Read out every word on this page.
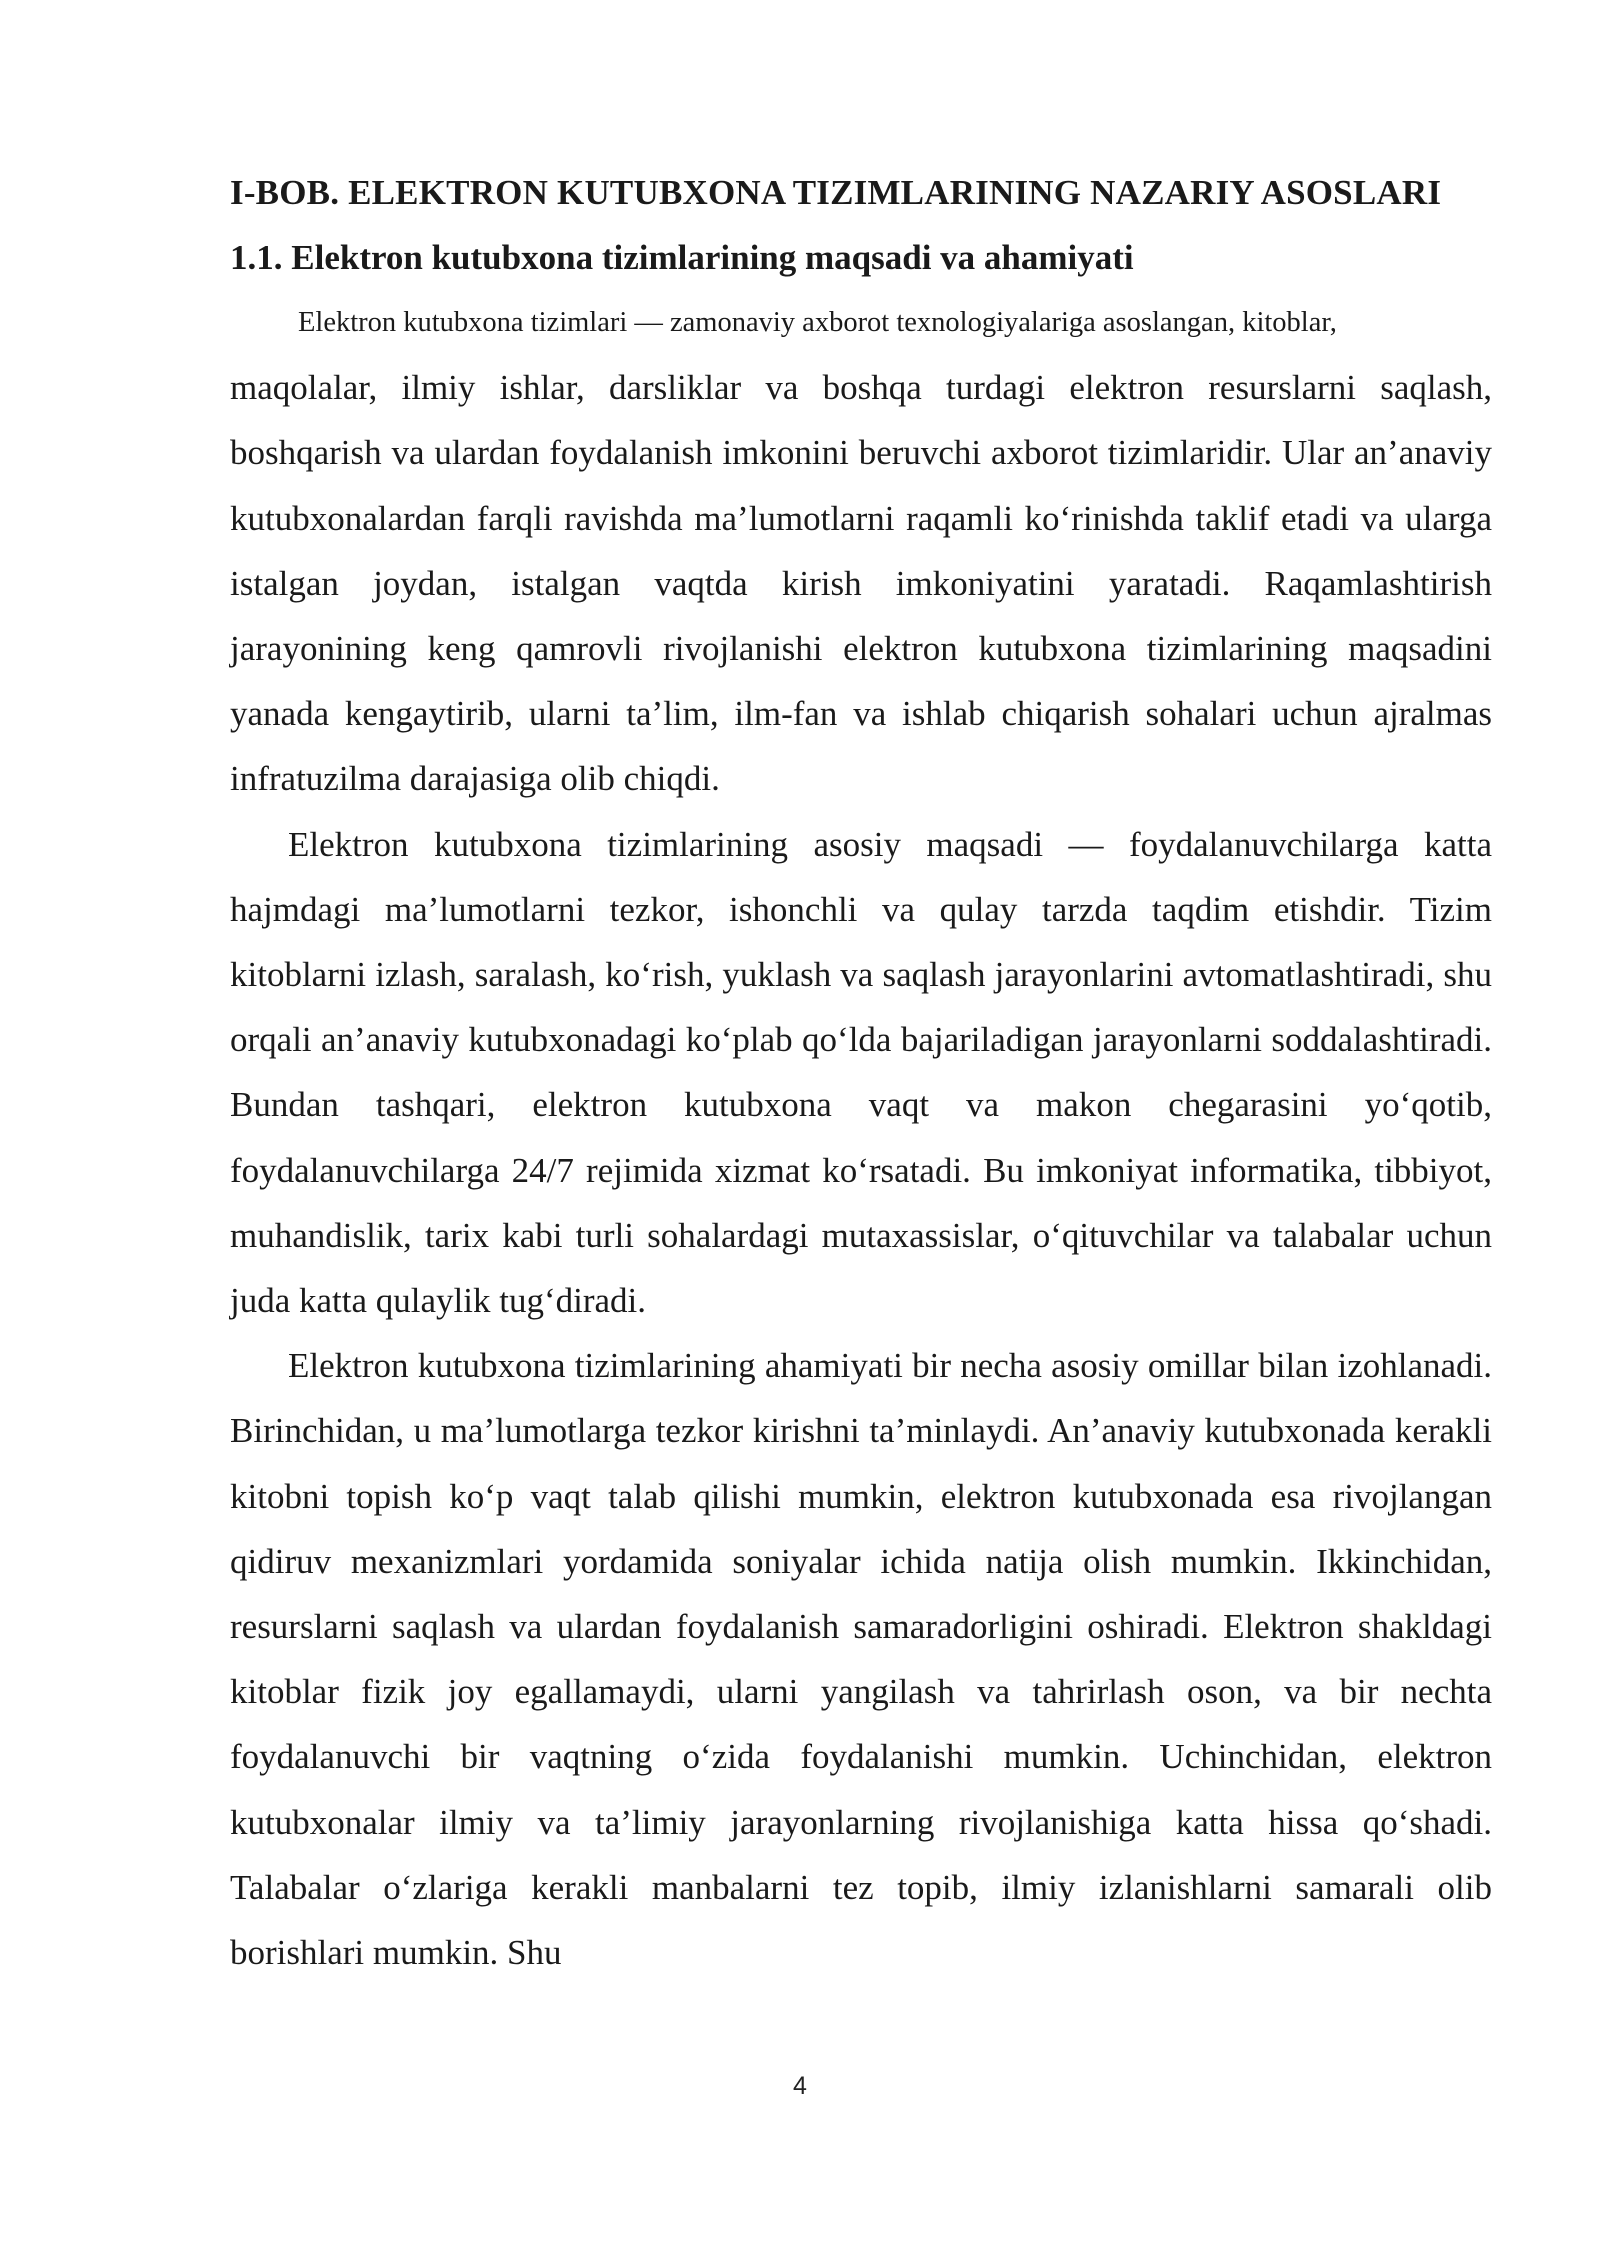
I-BOB. ELEKTRON KUTUBXONA TIZIMLARINING NAZARIY ASOSLARI
1.1. Elektron kutubxona tizimlarining maqsadi va ahamiyati
Elektron kutubxona tizimlari — zamonaviy axborot texnologiyalariga asoslangan, kitoblar,
maqolalar, ilmiy ishlar, darsliklar va boshqa turdagi elektron resurslarni saqlash, boshqarish va ulardan foydalanish imkonini beruvchi axborot tizimlaridir. Ular an’anaviy kutubxonalardan farqli ravishda ma’lumotlarni raqamli ko‘rinishda taklif etadi va ularga istalgan joydan, istalgan vaqtda kirish imkoniyatini yaratadi. Raqamlashtirish jarayonining keng qamrovli rivojlanishi elektron kutubxona tizimlarining maqsadini yanada kengaytirib, ularni ta’lim, ilm-fan va ishlab chiqarish sohalari uchun ajralmas infratuzilma darajasiga olib chiqdi.

Elektron kutubxona tizimlarining asosiy maqsadi — foydalanuvchilarga katta hajmdagi ma’lumotlarni tezkor, ishonchli va qulay tarzda taqdim etishdir. Tizim kitoblarni izlash, saralash, ko‘rish, yuklash va saqlash jarayonlarini avtomatlashtiradi, shu orqali an’anaviy kutubxonadagi ko‘plab qo‘lda bajariladigan jarayonlarni soddalashtiradi. Bundan tashqari, elektron kutubxona vaqt va makon chegarasini yo‘qotib, foydalanuvchilarga 24/7 rejimida xizmat ko‘rsatadi. Bu imkoniyat informatika, tibbiyot, muhandislik, tarix kabi turli sohalardagi mutaxassislar, o‘qituvchilar va talabalar uchun juda katta qulaylik tug‘diradi.

Elektron kutubxona tizimlarining ahamiyati bir necha asosiy omillar bilan izohlanadi. Birinchidan, u ma’lumotlarga tezkor kirishni ta’minlaydi. An’anaviy kutubxonada kerakli kitobni topish ko‘p vaqt talab qilishi mumkin, elektron kutubxonada esa rivojlangan qidiruv mexanizmlari yordamida soniyalar ichida natija olish mumkin. Ikkinchidan, resurslarni saqlash va ulardan foydalanish samaradorligini oshiradi. Elektron shakldagi kitoblar fizik joy egallamaydi, ularni yangilash va tahrirlash oson, va bir nechta foydalanuvchi bir vaqtning o‘zida foydalanishi mumkin. Uchinchidan, elektron kutubxonalar ilmiy va ta’limiy jarayonlarning rivojlanishiga katta hissa qo‘shadi. Talabalar o‘zlariga kerakli manbalarni tez topib, ilmiy izlanishlarni samarali olib borishlari mumkin. Shu

4
